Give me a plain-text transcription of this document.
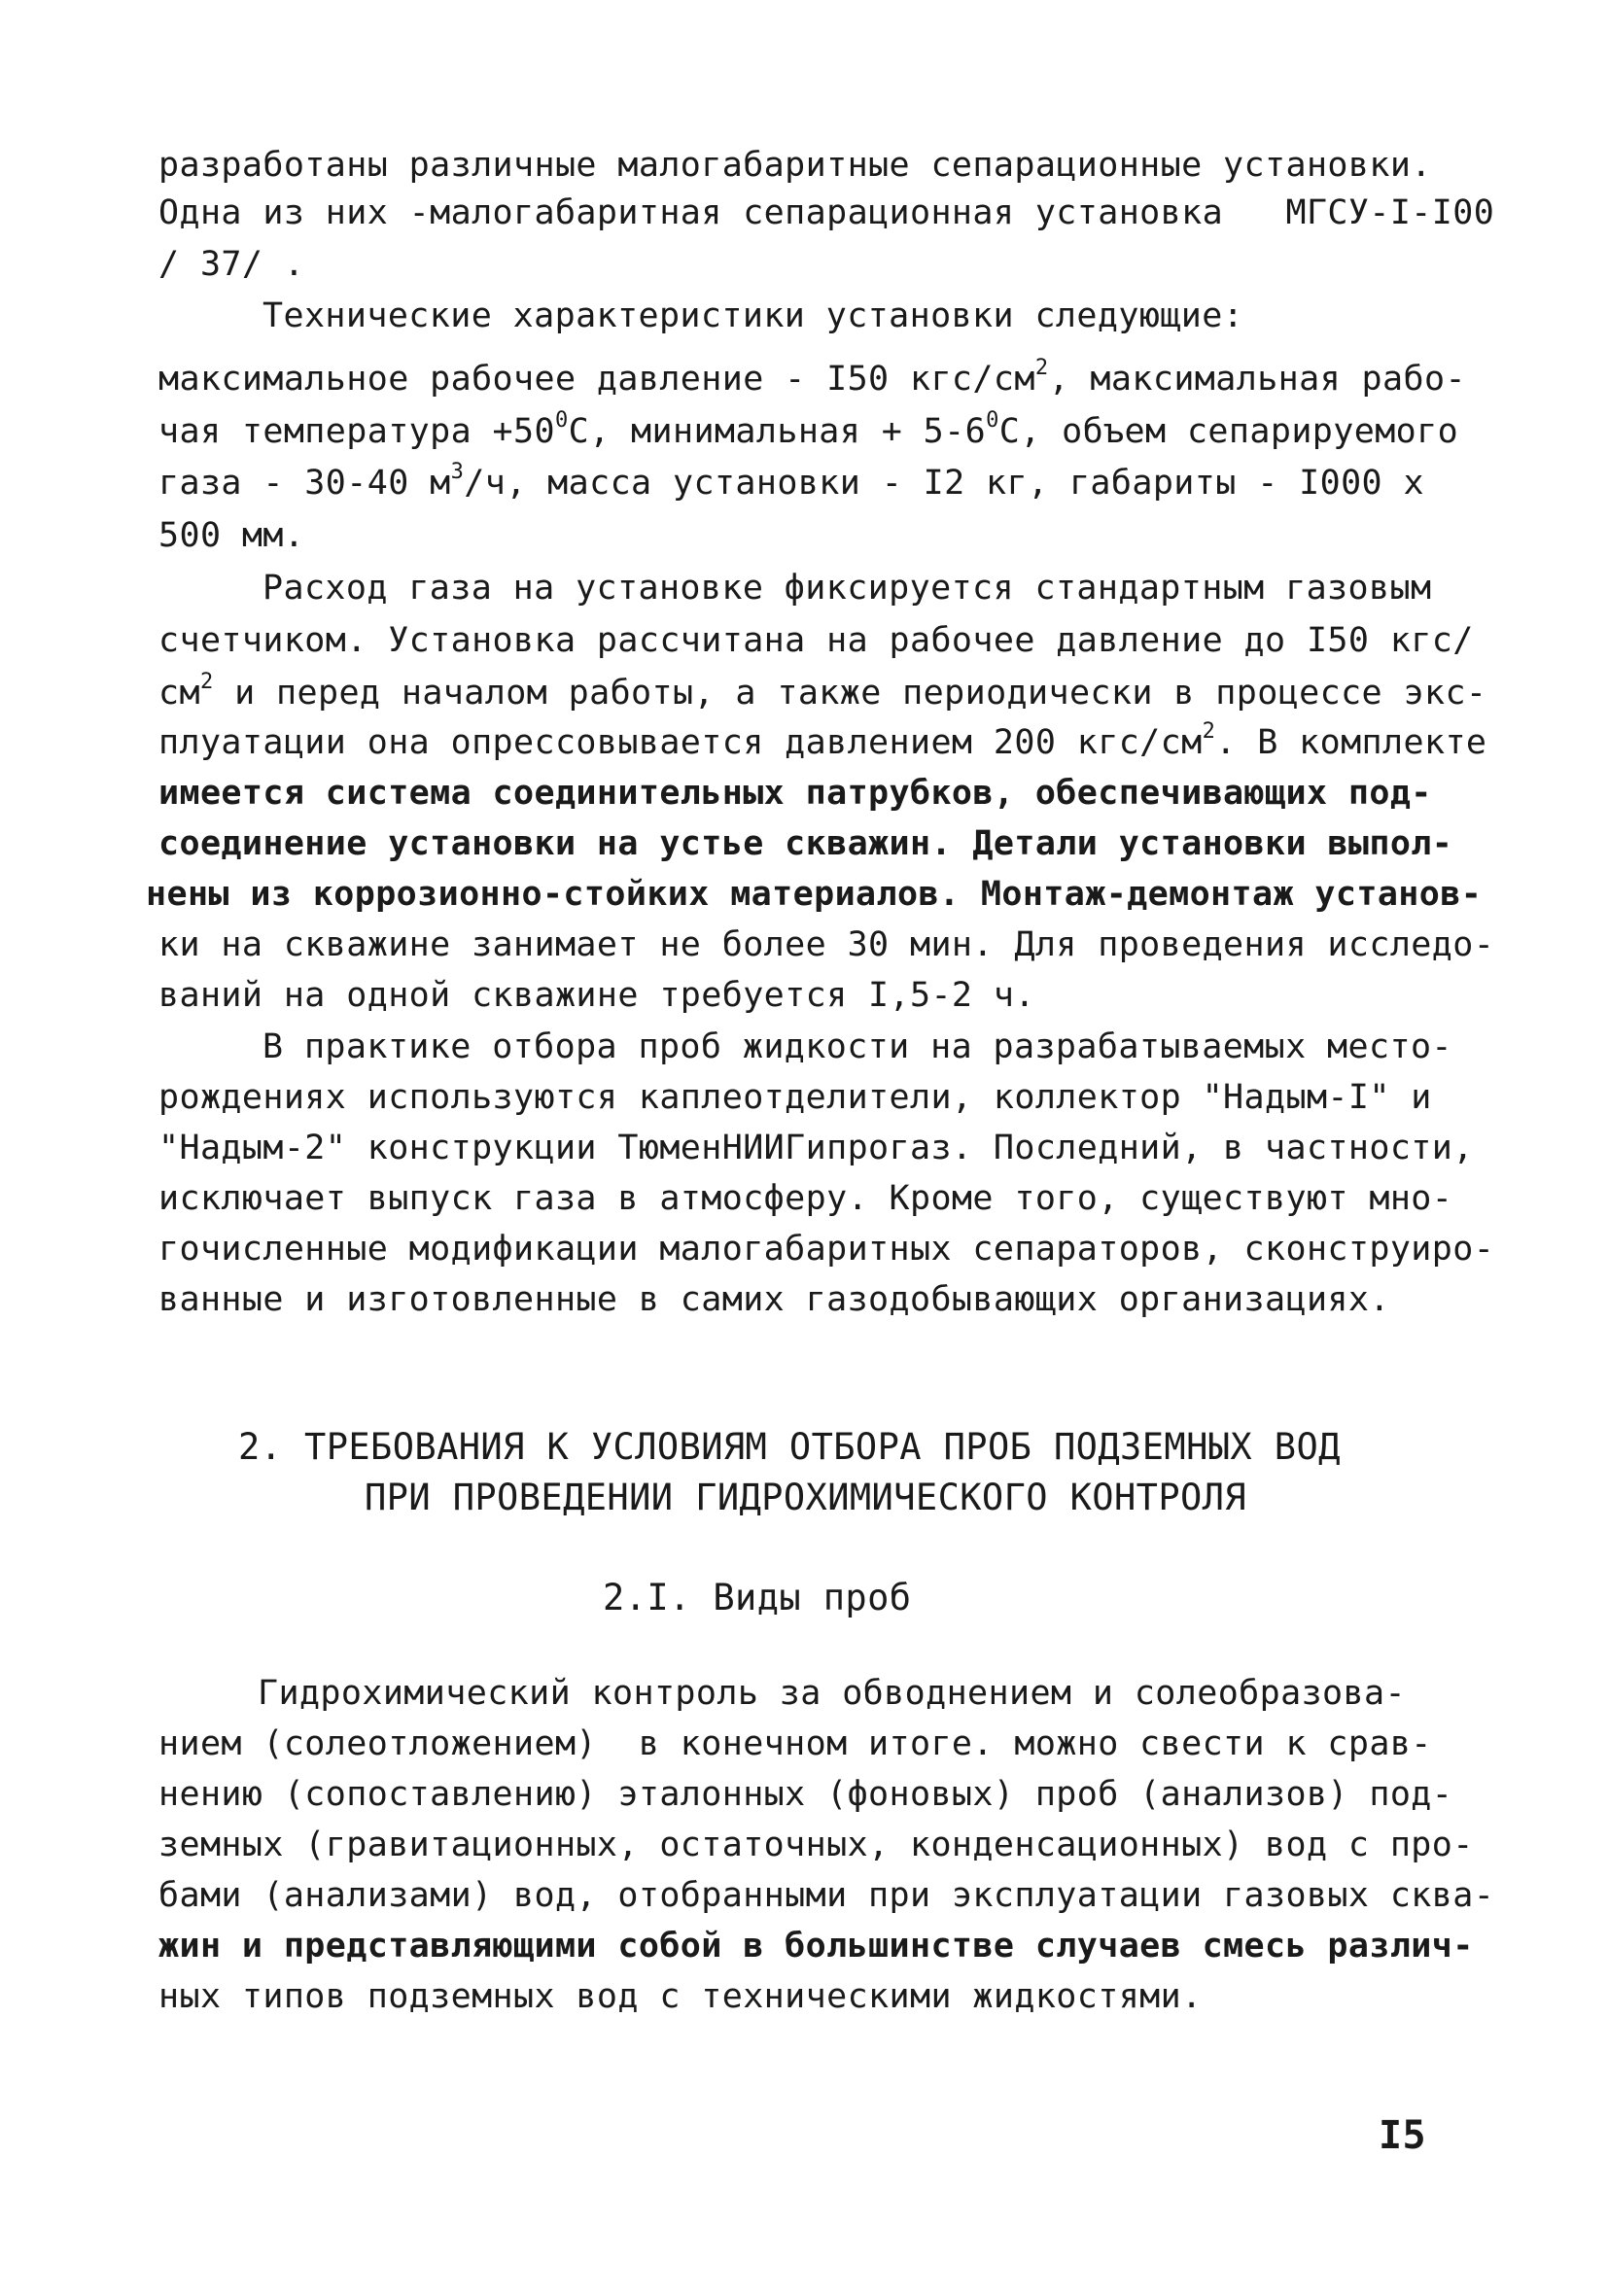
разработаны различные малогабаритные сепарационные установки.
Одна из них -малогабаритная сепарационная установка   МГСУ-I-I00
/ 37/ .
Технические характеристики установки следующие:
максимальное рабочее давление - I50 кгс/$см^2$, максимальная рабо-
чая температура $+50^0С$, минимальная + $5-6^0С$, объем сепарируемого
газа - 30-40 $м^3/ч$, масса установки - I2 кг, габариты - I000 x
500 мм.
Расход газа на установке фиксируется стандартным газовым
счетчиком. Установка рассчитана на рабочее давление до I50 кгс/
$см^2$ и перед началом работы, а также периодически в процессе экс-
плуатации она опрессовывается давлением 200 кгс/$см^2$. В комплекте
имеется система соединительных патрубков, обеспечивающих под-
соединение установки на устье скважин. Детали установки выпол-
нены из коррозионно-стойких материалов. Монтаж-демонтаж установ-
ки на скважине занимает не более 30 мин. Для проведения исследо-
ваний на одной скважине требуется I,5-2 ч.
В практике отбора проб жидкости на разрабатываемых место-
рождениях используются каплеотделители, коллектор "Надым-I" и
"Надым-2" конструкции ТюменНИИГипрогаз. Последний, в частности,
исключает выпуск газа в атмосферу. Кроме того, существуют мно-
гочисленные модификации малогабаритных сепараторов, сконструиро-
ванные и изготовленные в самих газодобывающих организациях.
2. ТРЕБОВАНИЯ К УСЛОВИЯМ ОТБОРА ПРОБ ПОДЗЕМНЫХ ВОД
ПРИ ПРОВЕДЕНИИ ГИДРОХИМИЧЕСКОГО КОНТРОЛЯ
2.I. Виды проб
Гидрохимический контроль за обводнением и солеобразова-
нием (солеотложением)  в конечном итоге. можно свести к срав-
нению (сопоставлению) эталонных (фоновых) проб (анализов) под-
земных (гравитационных, остаточных, конденсационных) вод с про-
бами (анализами) вод, отобранными при эксплуатации газовых сква-
жин и представляющими собой в большинстве случаев смесь различ-
ных типов подземных вод с техническими жидкостями.
I5
